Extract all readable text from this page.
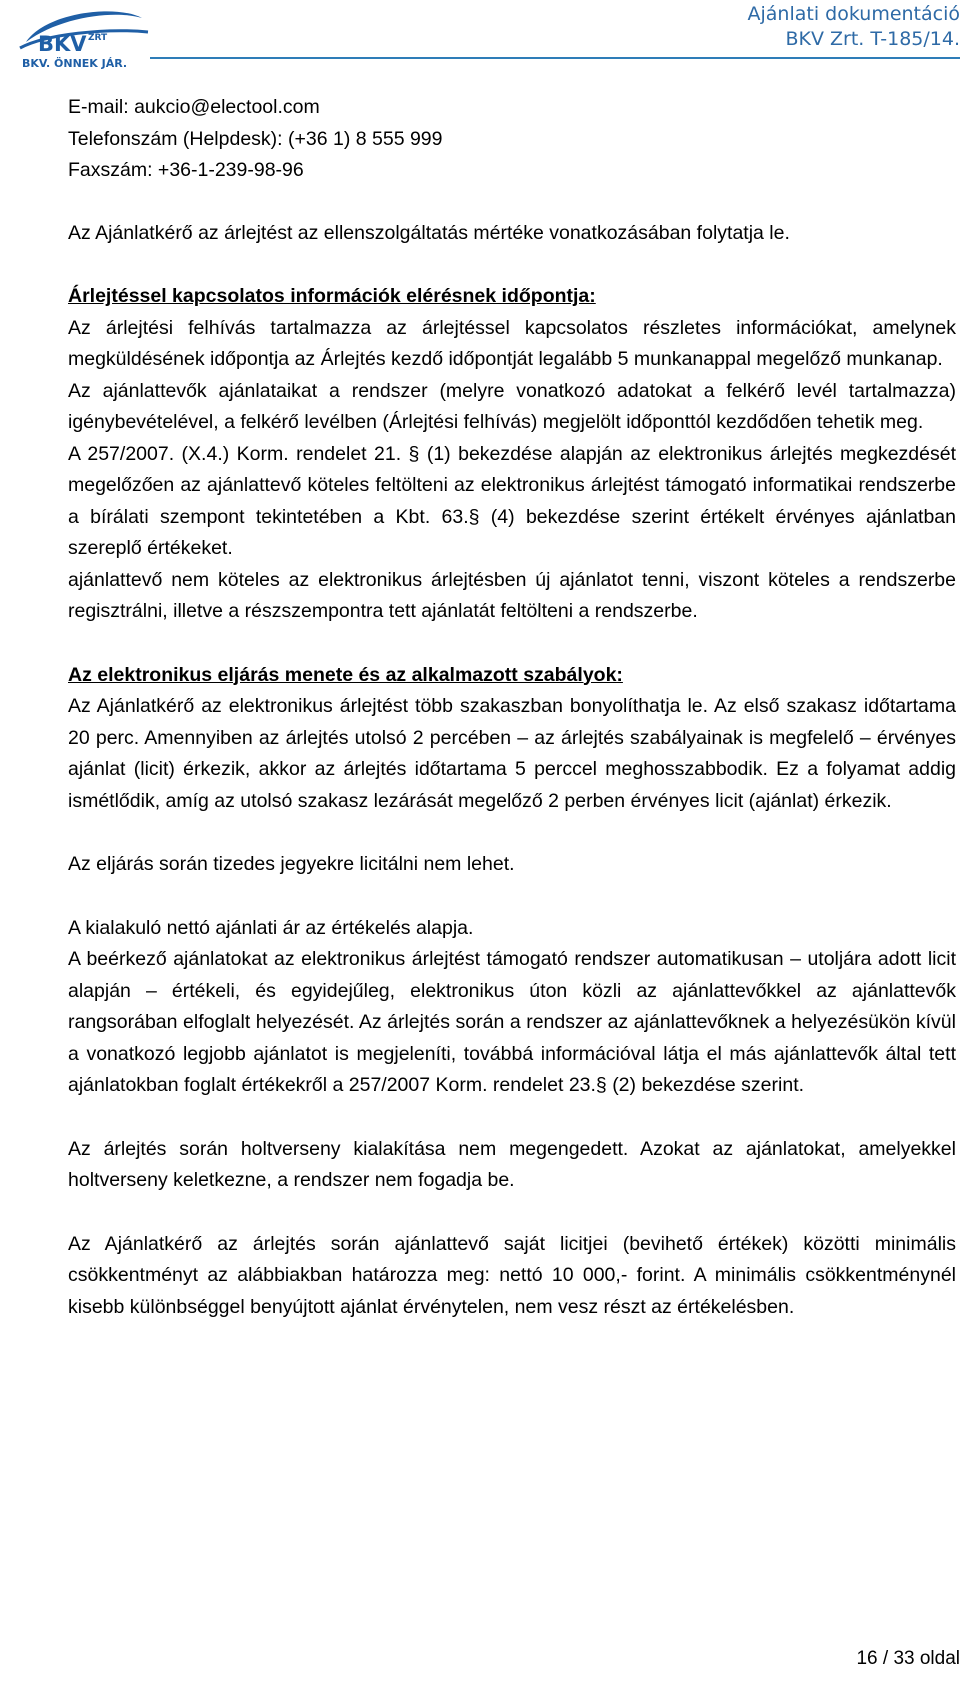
BKV ZRT
BKV. ÖNNEK JÁR.
Ajánlati dokumentáció
BKV Zrt. T-185/14.

E-mail: aukcio@electool.com

Telefonszám (Helpdesk): (+36 1) 8 555 999

Faxszám: +36-1-239-98-96

Az Ajánlatkérő az árlejtést az ellenszolgáltatás mértéke vonatkozásában folytatja le.

Árlejtéssel kapcsolatos információk elérésnek időpontja:

Az árlejtési felhívás tartalmazza az árlejtéssel kapcsolatos részletes információkat, amelynek megküldésének időpontja az Árlejtés kezdő időpontját legalább 5 munkanappal megelőző munkanap.

Az ajánlattevők ajánlataikat a rendszer (melyre vonatkozó adatokat a felkérő levél tartalmazza) igénybevételével, a felkérő levélben (Árlejtési felhívás) megjelölt időponttól kezdődően tehetik meg.

A 257/2007. (X.4.) Korm. rendelet 21. § (1) bekezdése alapján az elektronikus árlejtés megkezdését megelőzően az ajánlattevő köteles feltölteni az elektronikus árlejtést támogató informatikai rendszerbe a bírálati szempont tekintetében a Kbt. 63.§ (4) bekezdése szerint értékelt érvényes ajánlatban szereplő értékeket.

ajánlattevő nem köteles az elektronikus árlejtésben új ajánlatot tenni, viszont köteles a rendszerbe regisztrálni, illetve a részszempontra tett ajánlatát feltölteni a rendszerbe.

Az elektronikus eljárás menete és az alkalmazott szabályok:

Az Ajánlatkérő az elektronikus árlejtést több szakaszban bonyolíthatja le. Az első szakasz időtartama 20 perc. Amennyiben az árlejtés utolsó 2 percében – az árlejtés szabályainak is megfelelő – érvényes ajánlat (licit) érkezik, akkor az árlejtés időtartama 5 perccel meghosszabbodik. Ez a folyamat addig ismétlődik, amíg az utolsó szakasz lezárását megelőző 2 perben érvényes licit (ajánlat) érkezik.

Az eljárás során tizedes jegyekre licitálni nem lehet.

A kialakuló nettó ajánlati ár az értékelés alapja.

A beérkező ajánlatokat az elektronikus árlejtést támogató rendszer automatikusan – utoljára adott licit alapján – értékeli, és egyidejűleg, elektronikus úton közli az ajánlattevőkkel az ajánlattevők rangsorában elfoglalt helyezését. Az árlejtés során a rendszer az ajánlattevőknek a helyezésükön kívül a vonatkozó legjobb ajánlatot is megjeleníti, továbbá információval látja el más ajánlattevők által tett ajánlatokban foglalt értékekről a 257/2007 Korm. rendelet 23.§ (2) bekezdése szerint.

Az árlejtés során holtverseny kialakítása nem megengedett. Azokat az ajánlatokat, amelyekkel holtverseny keletkezne, a rendszer nem fogadja be.

Az Ajánlatkérő az árlejtés során ajánlattevő saját licitjei (bevihető értékek) közötti minimális csökkentményt az alábbiakban határozza meg: nettó 10 000,- forint. A minimális csökkentménynél kisebb különbséggel benyújtott ajánlat érvénytelen, nem vesz részt az értékelésben.

16 / 33 oldal
